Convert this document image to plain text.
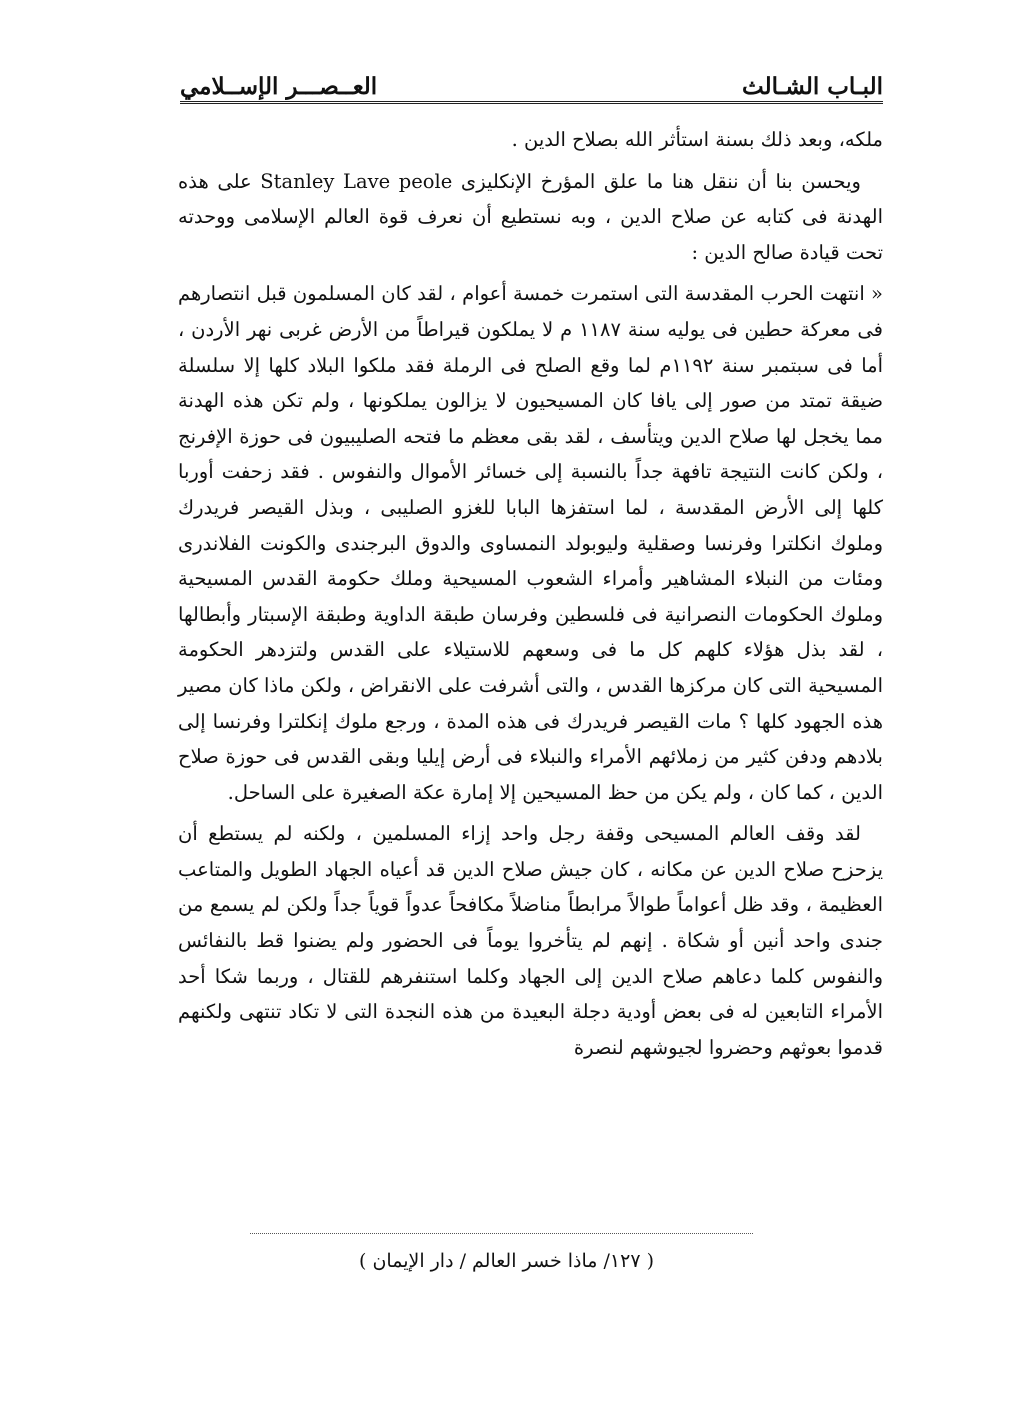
البـاب الشـالث
العــصـــر الإســلامي

ملكه، وبعد ذلك بسنة استأثر الله بصلاح الدين .

ويحسن بنا أن ننقل هنا ما علق المؤرخ الإنكليزى Stanley Lave peole على هذه الهدنة فى كتابه عن صلاح الدين ، وبه نستطيع أن نعرف قوة العالم الإسلامى ووحدته تحت قيادة صالح الدين :

« انتهت الحرب المقدسة التى استمرت خمسة أعوام ، لقد كان المسلمون قبل انتصارهم فى معركة حطين فى يوليه سنة ١١٨٧ م لا يملكون قيراطاً من الأرض غربى نهر الأردن ، أما فى سبتمبر سنة ١١٩٢م لما وقع الصلح فى الرملة فقد ملكوا البلاد كلها إلا سلسلة ضيقة تمتد من صور إلى يافا كان المسيحيون لا يزالون يملكونها ، ولم تكن هذه الهدنة مما يخجل لها صلاح الدين ويتأسف ، لقد بقى معظم ما فتحه الصليبيون فى حوزة الإفرنج ، ولكن كانت النتيجة تافهة جداً بالنسبة إلى خسائر الأموال والنفوس . فقد زحفت أوربا كلها إلى الأرض المقدسة ، لما استفزها البابا للغزو الصليبى ، وبذل القيصر فريدرك وملوك انكلترا وفرنسا وصقلية وليوبولد النمساوى والدوق البرجندى والكونت الفلاندرى ومئات من النبلاء المشاهير وأمراء الشعوب المسيحية وملك حكومة القدس المسيحية وملوك الحكومات النصرانية فى فلسطين وفرسان طبقة الداوية وطبقة الإسبتار وأبطالها ، لقد بذل هؤلاء كلهم كل ما فى وسعهم للاستيلاء على القدس ولتزدهر الحكومة المسيحية التى كان مركزها القدس ، والتى أشرفت على الانقراض ، ولكن ماذا كان مصير هذه الجهود كلها ؟ مات القيصر فريدرك فى هذه المدة ، ورجع ملوك إنكلترا وفرنسا إلى بلادهم ودفن كثير من زملائهم الأمراء والنبلاء فى أرض إيليا وبقى القدس فى حوزة صلاح الدين ، كما كان ، ولم يكن من حظ المسيحين إلا إمارة عكة الصغيرة على الساحل.

لقد وقف العالم المسيحى وقفة رجل واحد إزاء المسلمين ، ولكنه لم يستطع أن يزحزح صلاح الدين عن مكانه ، كان جيش صلاح الدين قد أعياه الجهاد الطويل والمتاعب العظيمة ، وقد ظل أعواماً طوالاً مرابطاً مناضلاً مكافحاً عدواً قوياً جداً ولكن لم يسمع من جندى واحد أنين أو شكاة . إنهم لم يتأخروا يوماً فى الحضور ولم يضنوا قط بالنفائس والنفوس كلما دعاهم صلاح الدين إلى الجهاد وكلما استنفرهم للقتال ، وربما شكا أحد الأمراء التابعين له فى بعض أودية دجلة البعيدة من هذه النجدة التى لا تكاد تنتهى ولكنهم قدموا بعوثهم وحضروا لجيوشهم لنصرة

( ١٢٧/ ماذا خسر العالم / دار الإيمان )
